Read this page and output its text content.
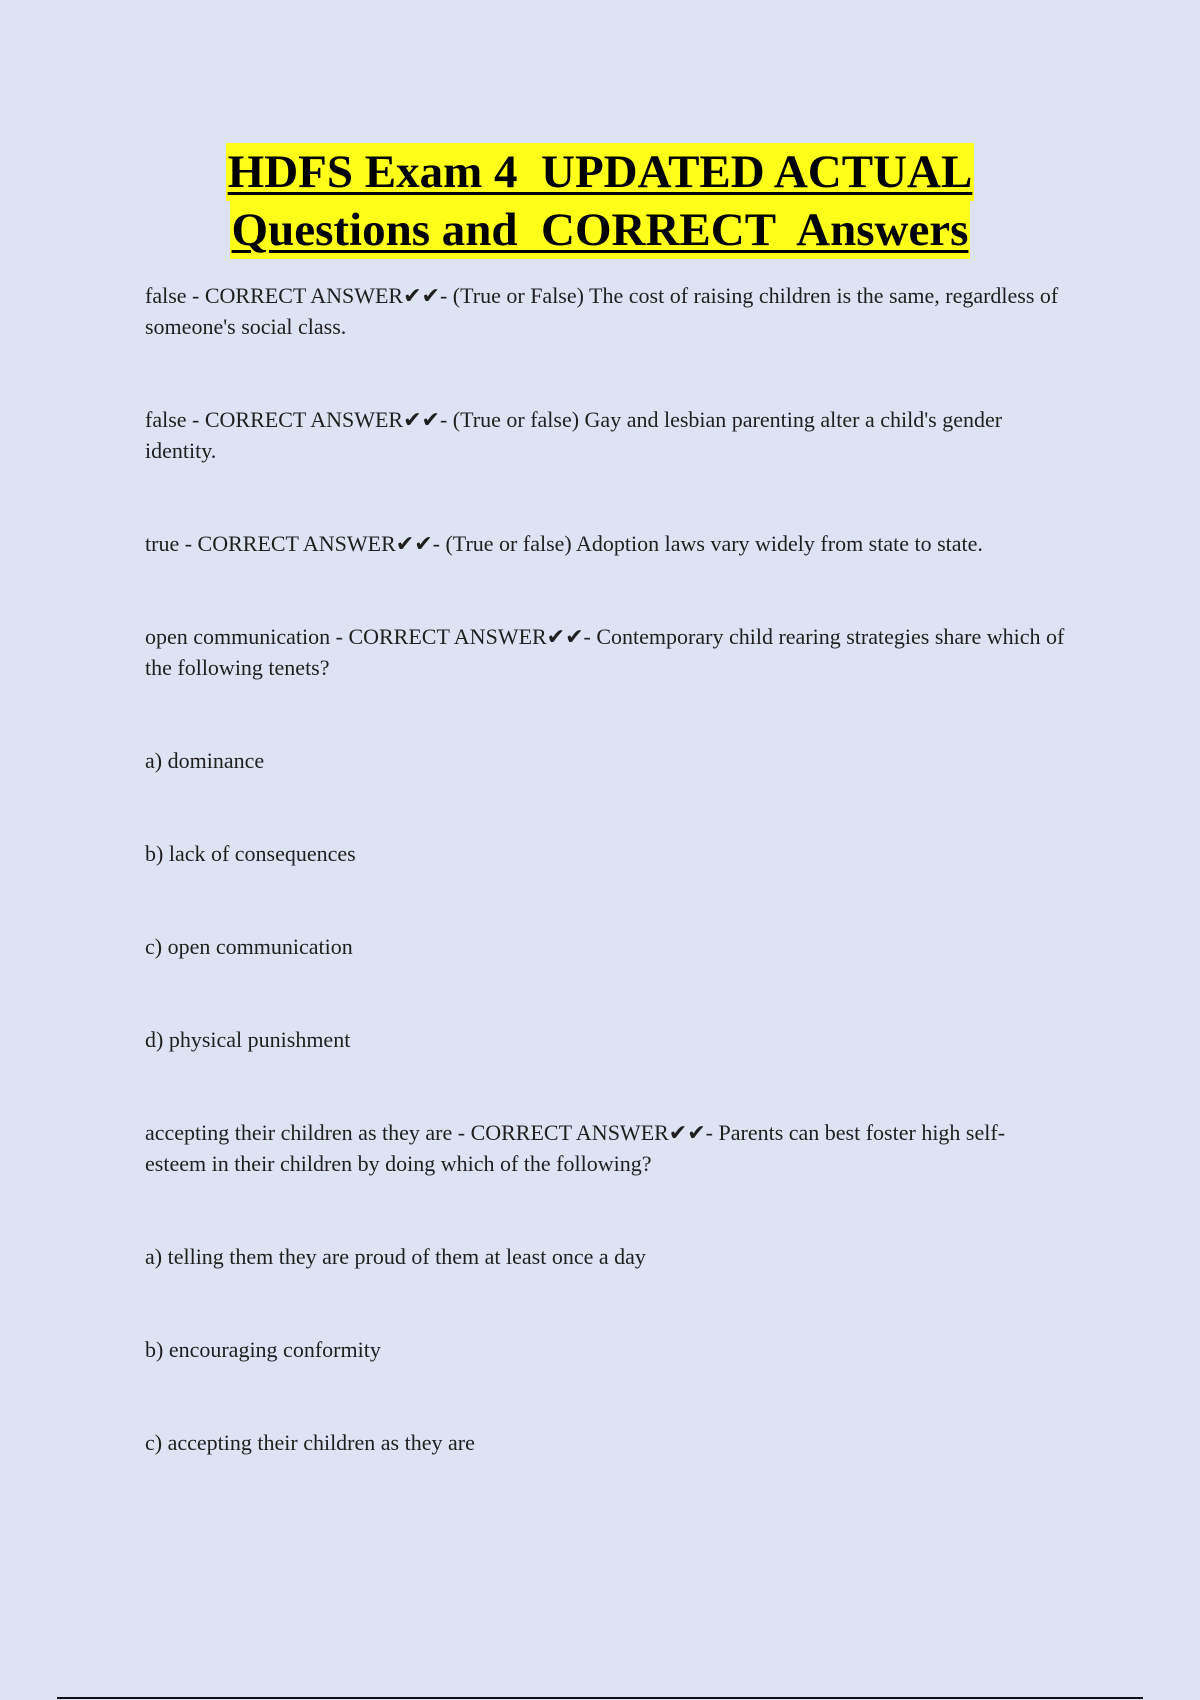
HDFS Exam 4  UPDATED ACTUAL
Questions and  CORRECT  Answers

false - CORRECT ANSWER✔✔- (True or False) The cost of raising children is the same, regardless of someone's social class.

false - CORRECT ANSWER✔✔- (True or false) Gay and lesbian parenting alter a child's gender identity.

true - CORRECT ANSWER✔✔- (True or false) Adoption laws vary widely from state to state.

open communication - CORRECT ANSWER✔✔- Contemporary child rearing strategies share which of the following tenets?

a) dominance

b) lack of consequences

c) open communication

d) physical punishment

accepting their children as they are - CORRECT ANSWER✔✔- Parents can best foster high self-esteem in their children by doing which of the following?

a) telling them they are proud of them at least once a day

b) encouraging conformity

c) accepting their children as they are
